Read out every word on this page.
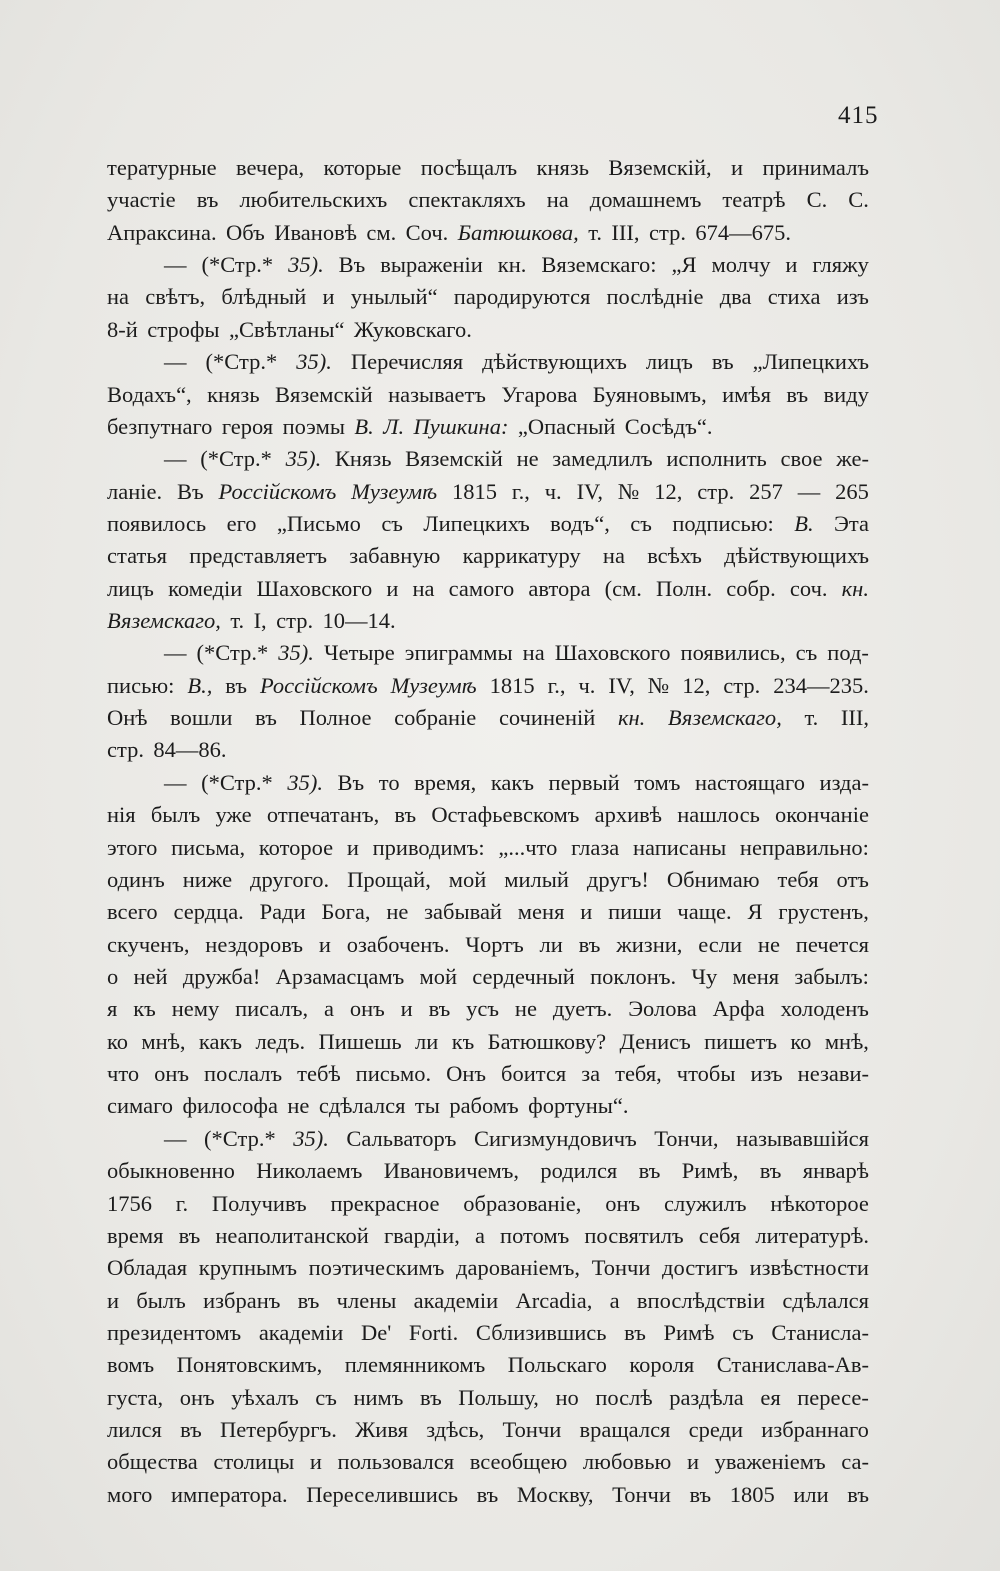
415
тературные вечера, которые посѣщалъ князь Вяземскій, и принималъ
участіе въ любительскихъ спектакляхъ на домашнемъ театрѣ С. С.
Апраксина. Объ Ивановѣ см. Соч. Батюшкова, т. III, стр. 674—675.
— (*Стр.* 35). Въ выраженіи кн. Вяземскаго: „Я молчу и гляжу
на свѣтъ, блѣдный и унылый“ пародируются послѣдніе два стиха изъ
8-й строфы „Свѣтланы“ Жуковскаго.
— (*Стр.* 35). Перечисляя дѣйствующихъ лицъ въ „Липецкихъ
Водахъ“, князь Вяземскій называетъ Угарова Буяновымъ, имѣя въ виду
безпутнаго героя поэмы В. Л. Пушкина: „Опасный Сосѣдъ“.
— (*Стр.* 35). Князь Вяземскій не замедлилъ исполнить свое же-
ланіе. Въ Россійскомъ Музеумѣ 1815 г., ч. IV, № 12, стр. 257 — 265
появилось его „Письмо съ Липецкихъ водъ“, съ подписью: В. Эта
статья представляетъ забавную каррикатуру на всѣхъ дѣйствующихъ
лицъ комедіи Шаховского и на самого автора (см. Полн. собр. соч. кн.
Вяземскаго, т. I, стр. 10—14.
— (*Стр.* 35). Четыре эпиграммы на Шаховского появились, съ под-
писью: В., въ Россійскомъ Музеумѣ 1815 г., ч. IV, № 12, стр. 234—235.
Онѣ вошли въ Полное собраніе сочиненій кн. Вяземскаго, т. III,
стр. 84—86.
— (*Стр.* 35). Въ то время, какъ первый томъ настоящаго изда-
нія былъ уже отпечатанъ, въ Остафьевскомъ архивѣ нашлось окончаніе
этого письма, которое и приводимъ: „...что глаза написаны неправильно:
одинъ ниже другого. Прощай, мой милый другъ! Обнимаю тебя отъ
всего сердца. Ради Бога, не забывай меня и пиши чаще. Я грустенъ,
скученъ, нездоровъ и озабоченъ. Чортъ ли въ жизни, если не печется
о ней дружба! Арзамасцамъ мой сердечный поклонъ. Чу меня забылъ:
я къ нему писалъ, а онъ и въ усъ не дуетъ. Эолова Арфа холоденъ
ко мнѣ, какъ ледъ. Пишешь ли къ Батюшкову? Денисъ пишетъ ко мнѣ,
что онъ послалъ тебѣ письмо. Онъ боится за тебя, чтобы изъ незави-
симаго философа не сдѣлался ты рабомъ фортуны“.
— (*Стр.* 35). Сальваторъ Сигизмундовичъ Тончи, называвшійся
обыкновенно Николаемъ Ивановичемъ, родился въ Римѣ, въ январѣ
1756 г. Получивъ прекрасное образованіе, онъ служилъ нѣкоторое
время въ неаполитанской гвардіи, а потомъ посвятилъ себя литературѣ.
Обладая крупнымъ поэтическимъ дарованіемъ, Тончи достигъ извѣстности
и былъ избранъ въ члены академіи Arcadia, а впослѣдствіи сдѣлался
президентомъ академіи De' Forti. Сблизившись въ Римѣ съ Станисла-
вомъ Понятовскимъ, племянникомъ Польскаго короля Станислава-Ав-
густа, онъ уѣхалъ съ нимъ въ Польшу, но послѣ раздѣла ея пересе-
лился въ Петербургъ. Живя здѣсь, Тончи вращался среди избраннаго
общества столицы и пользовался всеобщею любовью и уваженіемъ са-
мого императора. Переселившись въ Москву, Тончи въ 1805 или въ
